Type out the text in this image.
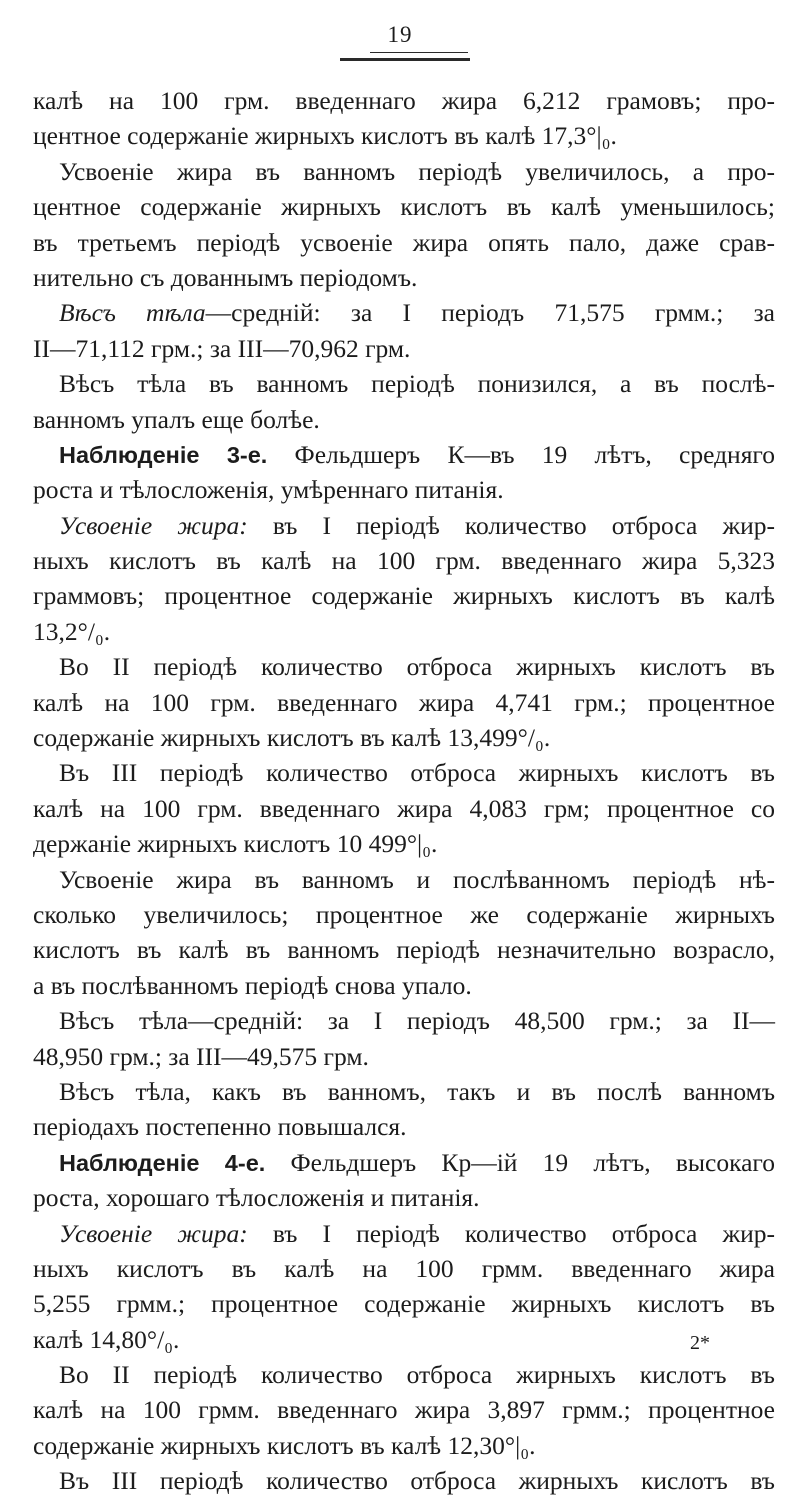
19
калѣ на 100 грм. введеннаго жира 6,212 грамовъ; про-
центное содержаніе жирныхъ кислотъ въ калѣ 17,3°|₀.
Усвоеніе жира въ ванномъ періодѣ увеличилось, а про-
центное содержаніе жирныхъ кислотъ въ калѣ уменьшилось;
въ третьемъ періодѣ усвоеніе жира опять пало, даже срав-
нительно съ дованнымъ періодомъ.
Вѣсъ тѣла—средній: за I періодъ 71,575 грмм.; за
II—71,112 грм.; за III—70,962 грм.
Вѣсъ тѣла въ ванномъ періодѣ понизился, а въ послѣ-
ванномъ упалъ еще болѣе.
Наблюденіе 3-е. Фельдшеръ К—въ 19 лѣтъ, средняго
роста и тѣлосложенія, умѣреннаго питанія.
Усвоеніе жира: въ I періодѣ количество отброса жир-
ныхъ кислотъ въ калѣ на 100 грм. введеннаго жира 5,323
граммовъ; процентное содержаніе жирныхъ кислотъ въ калѣ
13,2°/₀.
Во II періодѣ количество отброса жирныхъ кислотъ въ
калѣ на 100 грм. введеннаго жира 4,741 грм.; процентное
содержаніе жирныхъ кислотъ въ калѣ 13,499°/₀.
Въ III періодѣ количество отброса жирныхъ кислотъ въ
калѣ на 100 грм. введеннаго жира 4,083 грм; процентное со
держаніе жирныхъ кислотъ 10 499°|₀.
Усвоеніе жира въ ванномъ и послѣванномъ періодѣ нѣ-
сколько увеличилось; процентное же содержаніе жирныхъ
кислотъ въ калѣ въ ванномъ періодѣ незначительно возрасло,
а въ послѣванномъ періодѣ снова упало.
Вѣсъ тѣла—средній: за I періодъ 48,500 грм.; за II—
48,950 грм.; за III—49,575 грм.
Вѣсъ тѣла, какъ въ ванномъ, такъ и въ послѣ ванномъ
періодахъ постепенно повышался.
Наблюденіе 4-е. Фельдшеръ Кр—ій 19 лѣтъ, высокаго
роста, хорошаго тѣлосложенія и питанія.
Усвоеніе жира: въ I періодѣ количество отброса жир-
ныхъ кислотъ въ калѣ на 100 грмм. введеннаго жира
5,255 грмм.; процентное содержаніе жирныхъ кислотъ въ
калѣ 14,80°/₀.
Во II періодѣ количество отброса жирныхъ кислотъ въ
калѣ на 100 грмм. введеннаго жира 3,897 грмм.; процентное
содержаніе жирныхъ кислотъ въ калѣ 12,30°|₀.
Въ III періодѣ количество отброса жирныхъ кислотъ въ
2*
